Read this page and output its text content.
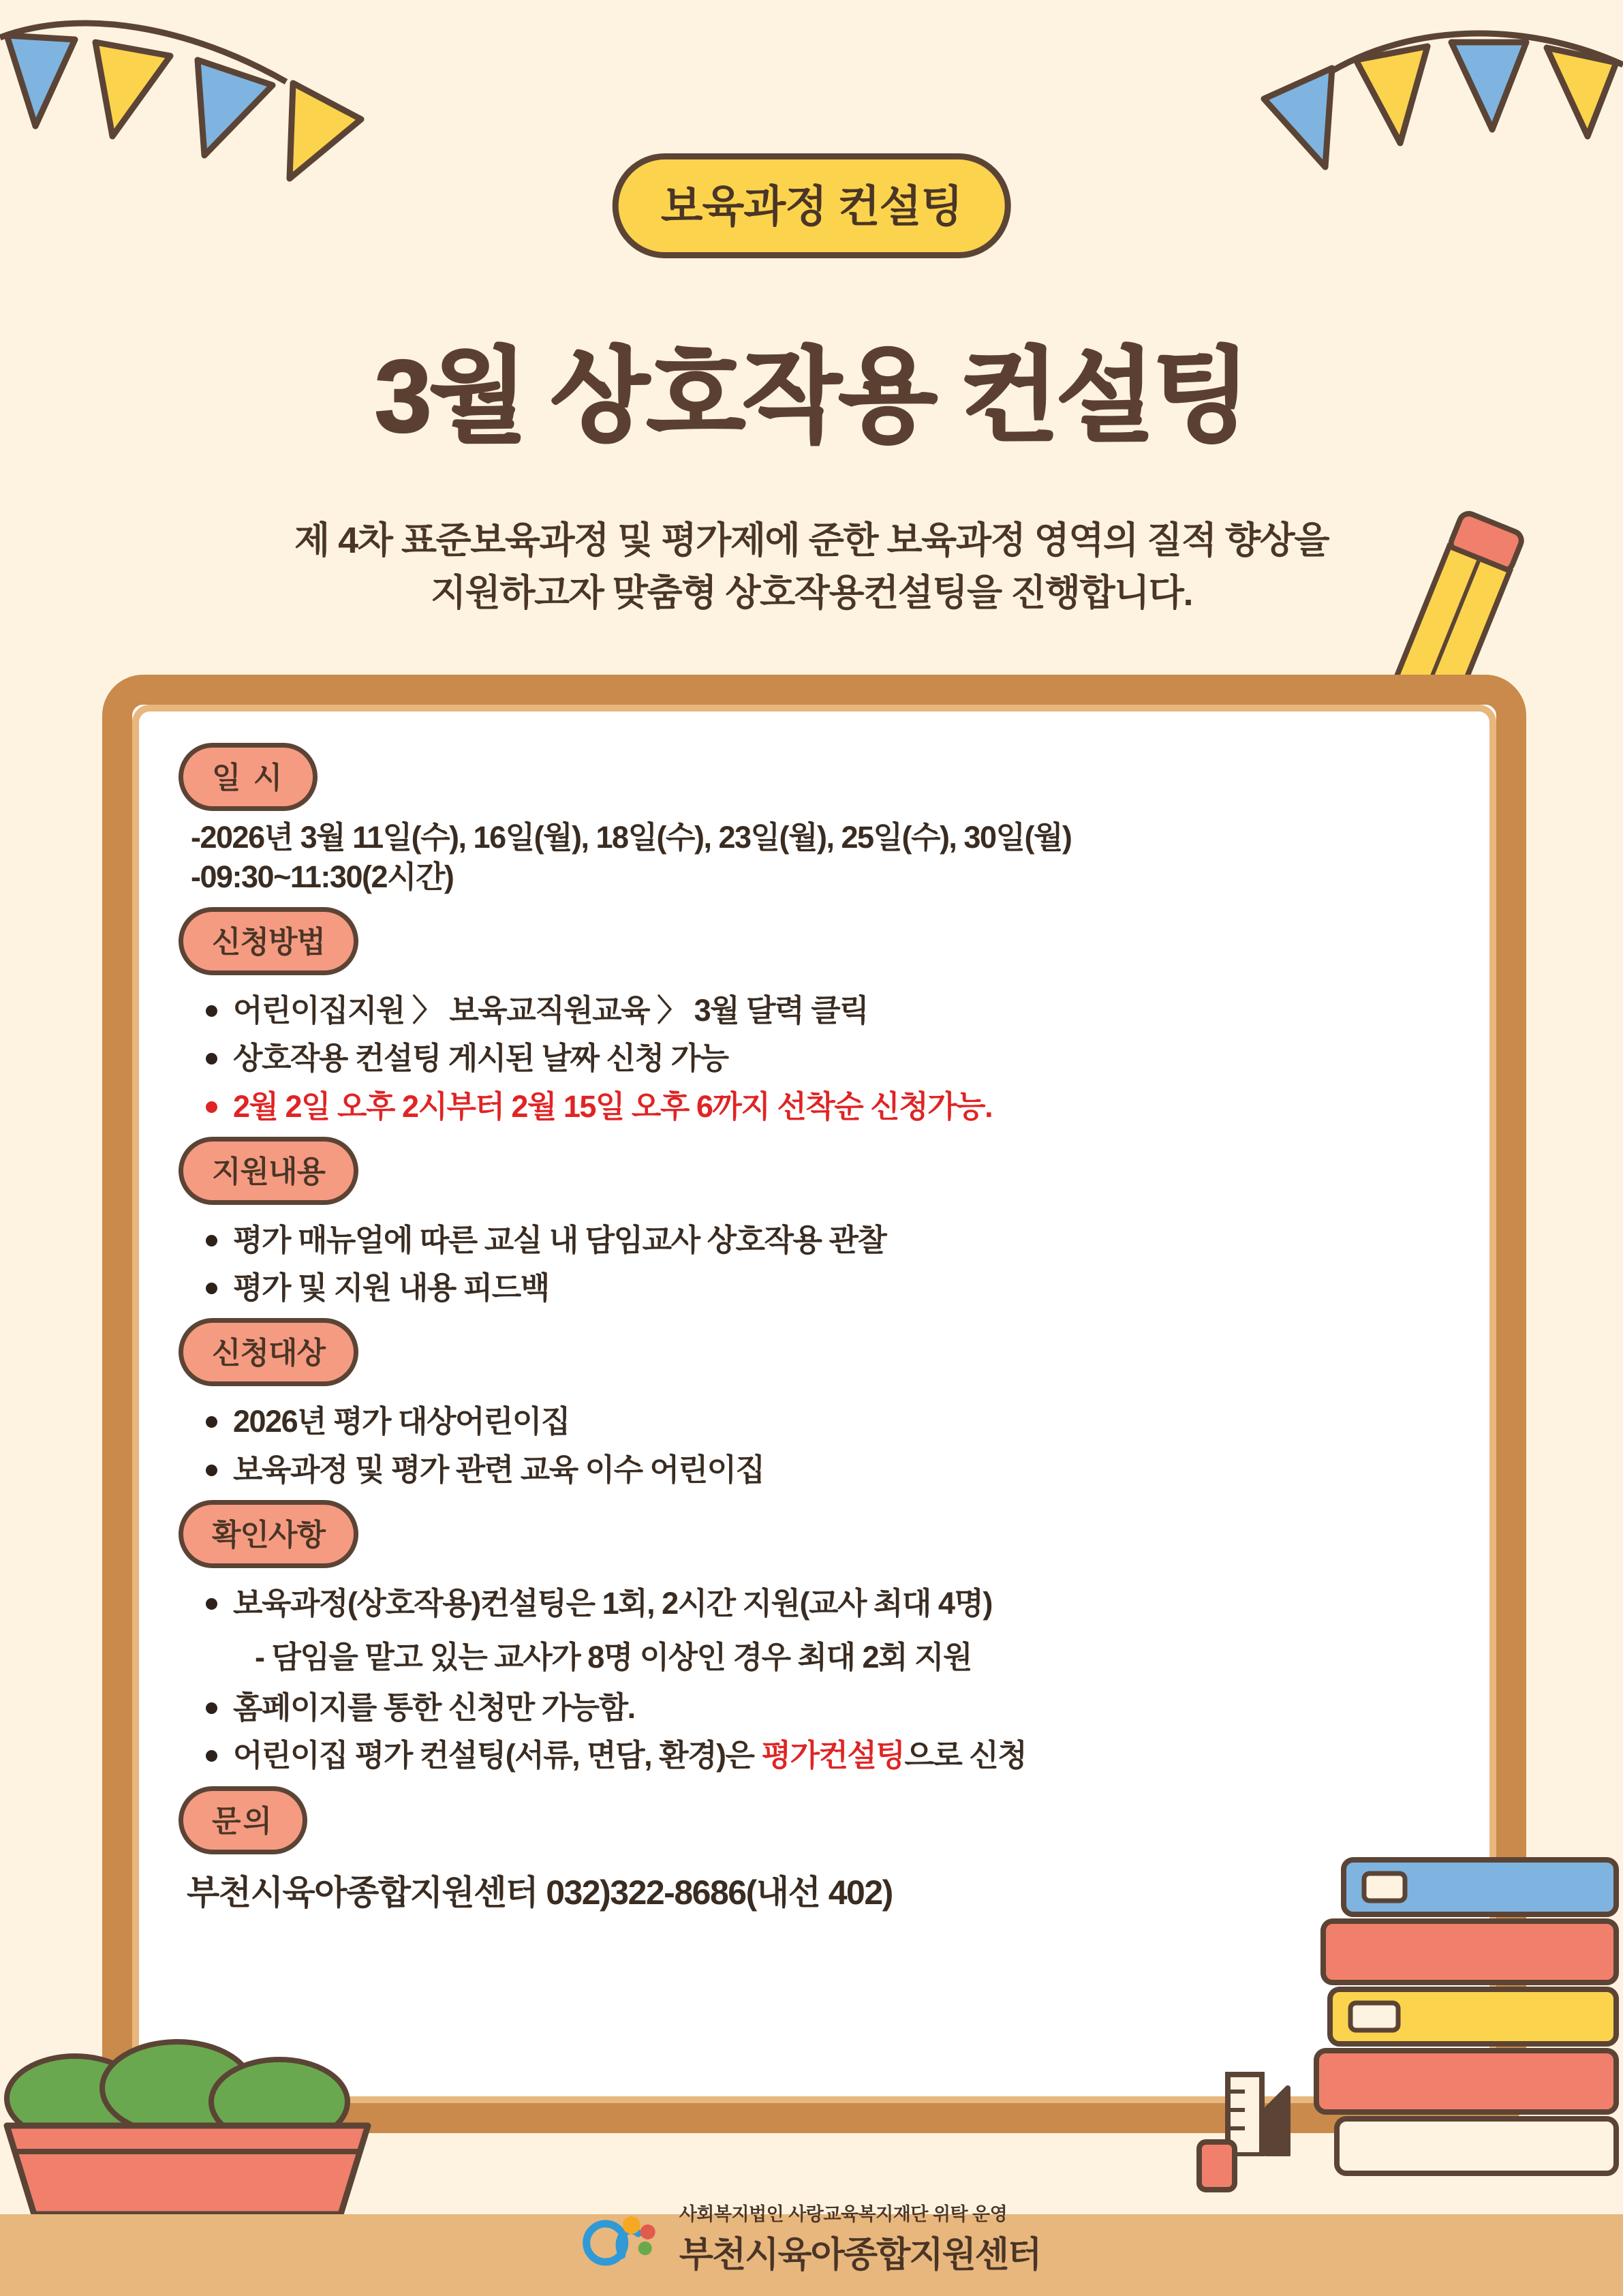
보육과정 컨설팅
3월 상호작용 컨설팅
제 4차 표준보육과정 및 평가제에 준한 보육과정 영역의 질적 향상을
지원하고자 맞춤형 상호작용컨설팅을 진행합니다.
일 시
-2026년 3월 11일(수), 16일(월), 18일(수), 23일(월), 25일(수), 30일(월)
-09:30~11:30(2시간)
신청방법
어린이집지원 〉 보육교직원교육 〉 3월 달력 클릭
상호작용 컨설팅 게시된 날짜 신청 가능
2월 2일 오후 2시부터 2월 15일 오후 6까지 선착순 신청가능.
지원내용
평가 매뉴얼에 따른 교실 내 담임교사 상호작용 관찰
평가 및 지원 내용 피드백
신청대상
2026년 평가 대상어린이집
보육과정 및 평가 관련 교육 이수 어린이집
확인사항
보육과정(상호작용)컨설팅은 1회, 2시간 지원(교사 최대 4명)
- 담임을 맡고 있는 교사가 8명 이상인 경우 최대 2회 지원
홈페이지를 통한 신청만 가능함.
어린이집 평가 컨설팅(서류, 면담, 환경)은 평가컨설팅으로 신청
문의
부천시육아종합지원센터 032)322-8686(내선 402)
사회복지법인 사랑교육복지재단 위탁 운영
부천시육아종합지원센터
